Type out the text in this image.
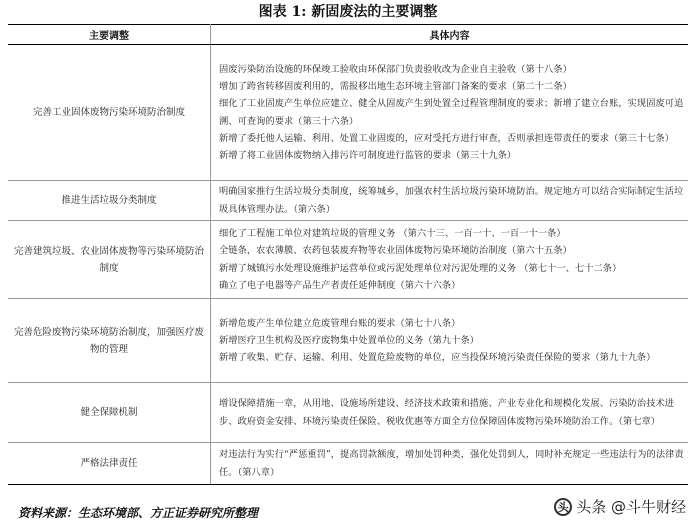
图表 1: 新固废法的主要调整
主要调整	具体内容
完善工业固体废物污染环境防治制度	固废污染防治设施的环保竣工验收由环保部门负责验收改为企业自主验收（第十八条）
增加了跨省转移固废利用的，需报移出地生态环境主管部门备案的要求（第二十二条）
细化了工业固废产生单位应建立、健全从固废产生到处置全过程管理制度的要求；新增了建立台账，实现固废可追溯、可查询的要求（第三十六条）
新增了委托他人运输、利用、处置工业固废的，应对受托方进行审查，否则承担连带责任的要求（第三十七条）
新增了将工业固体废物纳入排污许可制度进行监管的要求（第三十九条）

推进生活垃圾分类制度	明确国家推行生活垃圾分类制度，统筹城乡，加强农村生活垃圾污染环境防治。规定地方可以结合实际制定生活垃圾具体管理办法。（第六条）

完善建筑垃圾、农业固体废物等污染环境防治制度	细化了工程施工单位对建筑垃圾的管理义务 （第六十三、一百一十、一百一十一条）
全链条，农农薄膜、农药包装废弃物等农业固体废物污染环境防治制度（第六十五条）
新增了城镇污水处理设施维护运营单位或污泥处理单位对污泥处理的义务 （第七十一、七十二条）
确立了电子电器等产品生产者责任延伸制度（第六十六条）

完善危险废物污染环境防治制度，加强医疗废物的管理	新增危废产生单位建立危废管理台账的要求（第七十八条）
新增医疗卫生机构及医疗废物集中处置单位的义务（第九十条）
新增了收集、贮存、运输、利用、处置危险废物的单位，应当投保环境污染责任保险的要求（第九十九条）

健全保障机制	增设保障措施一章，从用地、设施场所建设、经济技术政策和措施、产业专业化和规模化发展、污染防治技术进步、政府资金安排、环境污染责任保险、税收优惠等方面全方位保障固体废物污染环境防治工作。（第七章）

严格法律责任	对违法行为实行“严惩重罚”，提高罚款额度，增加处罚种类，强化处罚到人，同时补充规定一些违法行为的法律责任。（第八章）
资料来源：生态环境部、方正证券研究所整理	头 头条 @斗牛财经
